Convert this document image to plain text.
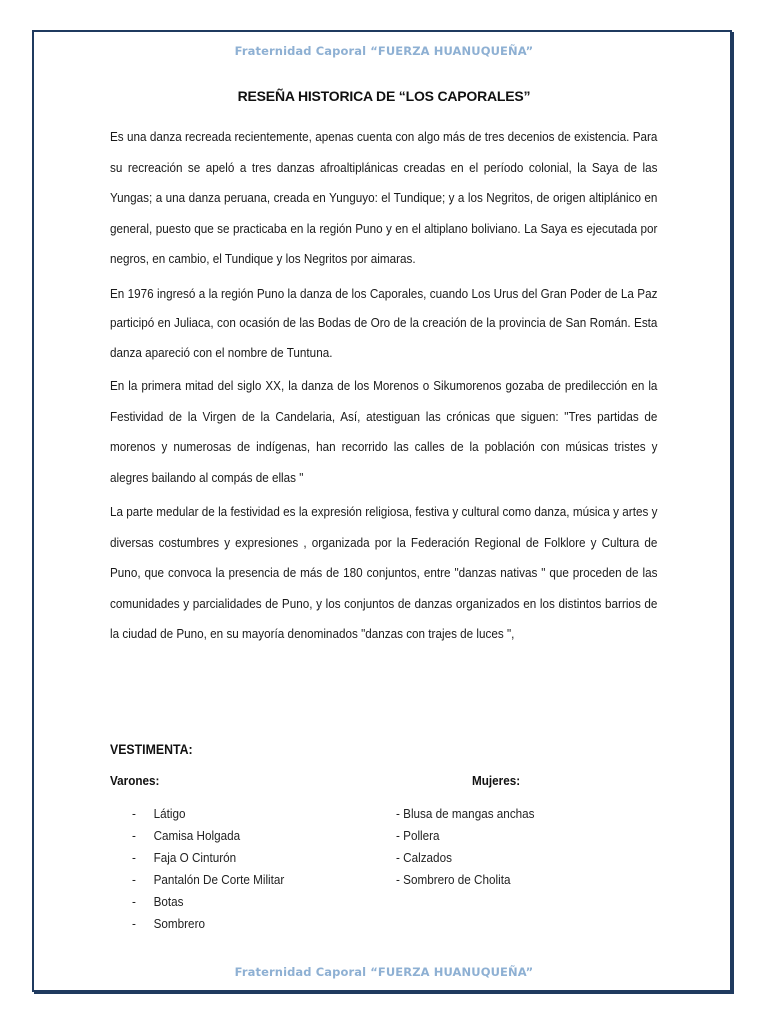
Fraternidad Caporal “FUERZA HUANUQUEÑA”
RESEÑA HISTORICA DE “LOS CAPORALES”

Es una danza recreada recientemente, apenas cuenta con algo más de tres decenios de existencia. Para su recreación se apeló a tres danzas afroaltiplánicas creadas en el período colonial, la Saya de las Yungas; a una danza peruana, creada en Yunguyo: el Tundique; y a los Negritos, de origen altiplánico en general, puesto que se practicaba en la región Puno y en el altiplano boliviano. La Saya es ejecutada por negros, en cambio, el Tundique y los Negritos por aimaras.

En 1976 ingresó a la región Puno la danza de los Caporales, cuando Los Urus del Gran Poder de La Paz participó en Juliaca, con ocasión de las Bodas de Oro de la creación de la provincia de San Román. Esta danza apareció con el nombre de Tuntuna.

En la primera mitad del siglo XX, la danza de los Morenos o Sikumorenos gozaba de predilección en la Festividad de la Virgen de la Candelaria, Así, atestiguan las crónicas que siguen: "Tres partidas de morenos y numerosas de indígenas, han recorrido las calles de la población con músicas tristes y alegres bailando al compás de ellas "

La parte medular de la festividad es la expresión religiosa, festiva y cultural como danza, música y artes y diversas costumbres y expresiones , organizada por la Federación Regional de Folklore y Cultura de Puno, que convoca la presencia de más de 180 conjuntos, entre "danzas nativas " que proceden de las comunidades y parcialidades de Puno, y los conjuntos de danzas organizados en los distintos barrios de la ciudad de Puno, en su mayoría denominados "danzas con trajes de luces ",

VESTIMENTA:
Varones:	Mujeres:
- Látigo
- Camisa Holgada
- Faja O Cinturón
- Pantalón De Corte Militar
- Botas
- Sombrero
- Blusa de mangas anchas
- Pollera
- Calzados
- Sombrero de Cholita
Fraternidad Caporal “FUERZA HUANUQUEÑA”
